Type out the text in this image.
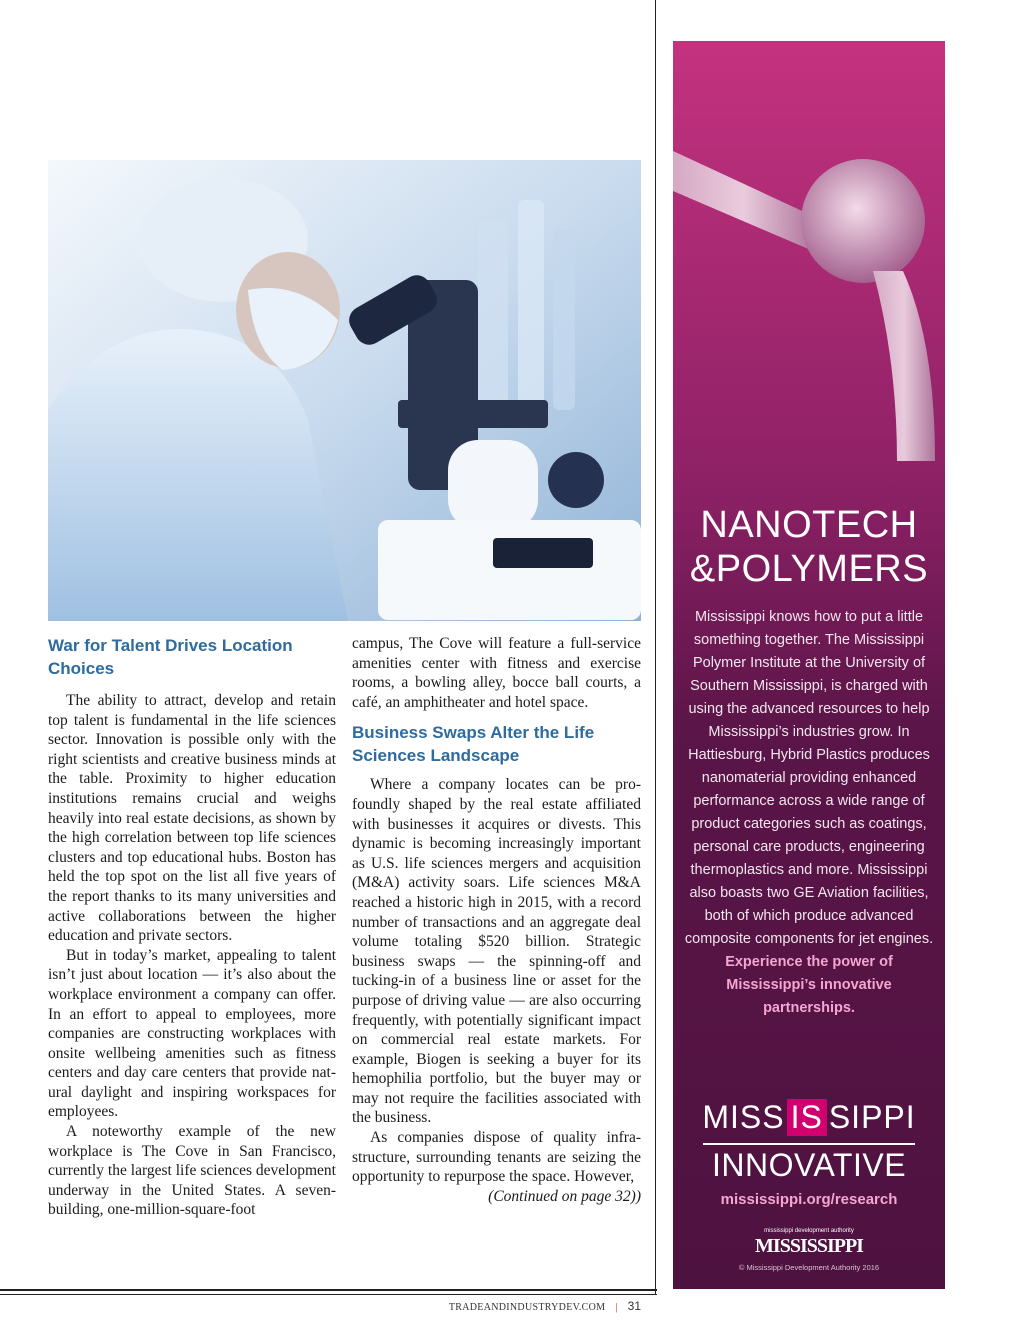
War for Talent Drives Location Choices

The ability to attract, develop and retain top talent is fundamental in the life sciences sector. Innovation is possible only with the right scientists and creative business minds at the table. Proximity to higher education institutions remains crucial and weighs heavily into real estate decisions, as shown by the high correlation between top life sciences clusters and top educational hubs. Boston has held the top spot on the list all five years of the report thanks to its many universities and active collaborations between the higher education and private sectors.

But in today’s market, appealing to talent isn’t just about location — it’s also about the workplace environment a company can offer. In an effort to appeal to employees, more companies are constructing workplaces with onsite wellbeing amenities such as fitness centers and day care centers that provide natural daylight and inspiring workspaces for employees.

A noteworthy example of the new workplace is The Cove in San Francisco, currently the largest life sciences development underway in the United States. A seven-building, one-million-square-foot

campus, The Cove will feature a full-service amenities center with fitness and exercise rooms, a bowling alley, bocce ball courts, a café, an amphitheater and hotel space.

Business Swaps Alter the Life Sciences Landscape

Where a company locates can be profoundly shaped by the real estate affiliated with businesses it acquires or divests. This dynamic is becoming increasingly important as U.S. life sciences mergers and acquisition (M&A) activity soars. Life sciences M&A reached a historic high in 2015, with a record number of transactions and an aggregate deal volume totaling $520 billion. Strategic business swaps — the spinning-off and tucking-in of a business line or asset for the purpose of driving value — are also occurring frequently, with potentially significant impact on commercial real estate markets. For example, Biogen is seeking a buyer for its hemophilia portfolio, but the buyer may or may not require the facilities associated with the business.

As companies dispose of quality infrastructure, surrounding tenants are seizing the opportunity to repurpose the space. However,
(Continued on page 32))

TRADEANDINDUSTRYDEV.COM | 31
NANOTECH
&POLYMERS
Mississippi knows how to put a little something together. The Mississippi Polymer Institute at the University of Southern Mississippi, is charged with using the advanced resources to help Mississippi’s industries grow. In Hattiesburg, Hybrid Plastics produces nanomaterial providing enhanced performance across a wide range of product categories such as coatings, personal care products, engineering thermoplastics and more. Mississippi also boasts two GE Aviation facilities, both of which produce advanced composite components for jet engines.
Experience the power of Mississippi’s innovative partnerships.
MISS IS SIPPI
INNOVATIVE
mississippi.org/research
mississippi development authority
MISSISSIPPI
© Mississippi Development Authority 2016
